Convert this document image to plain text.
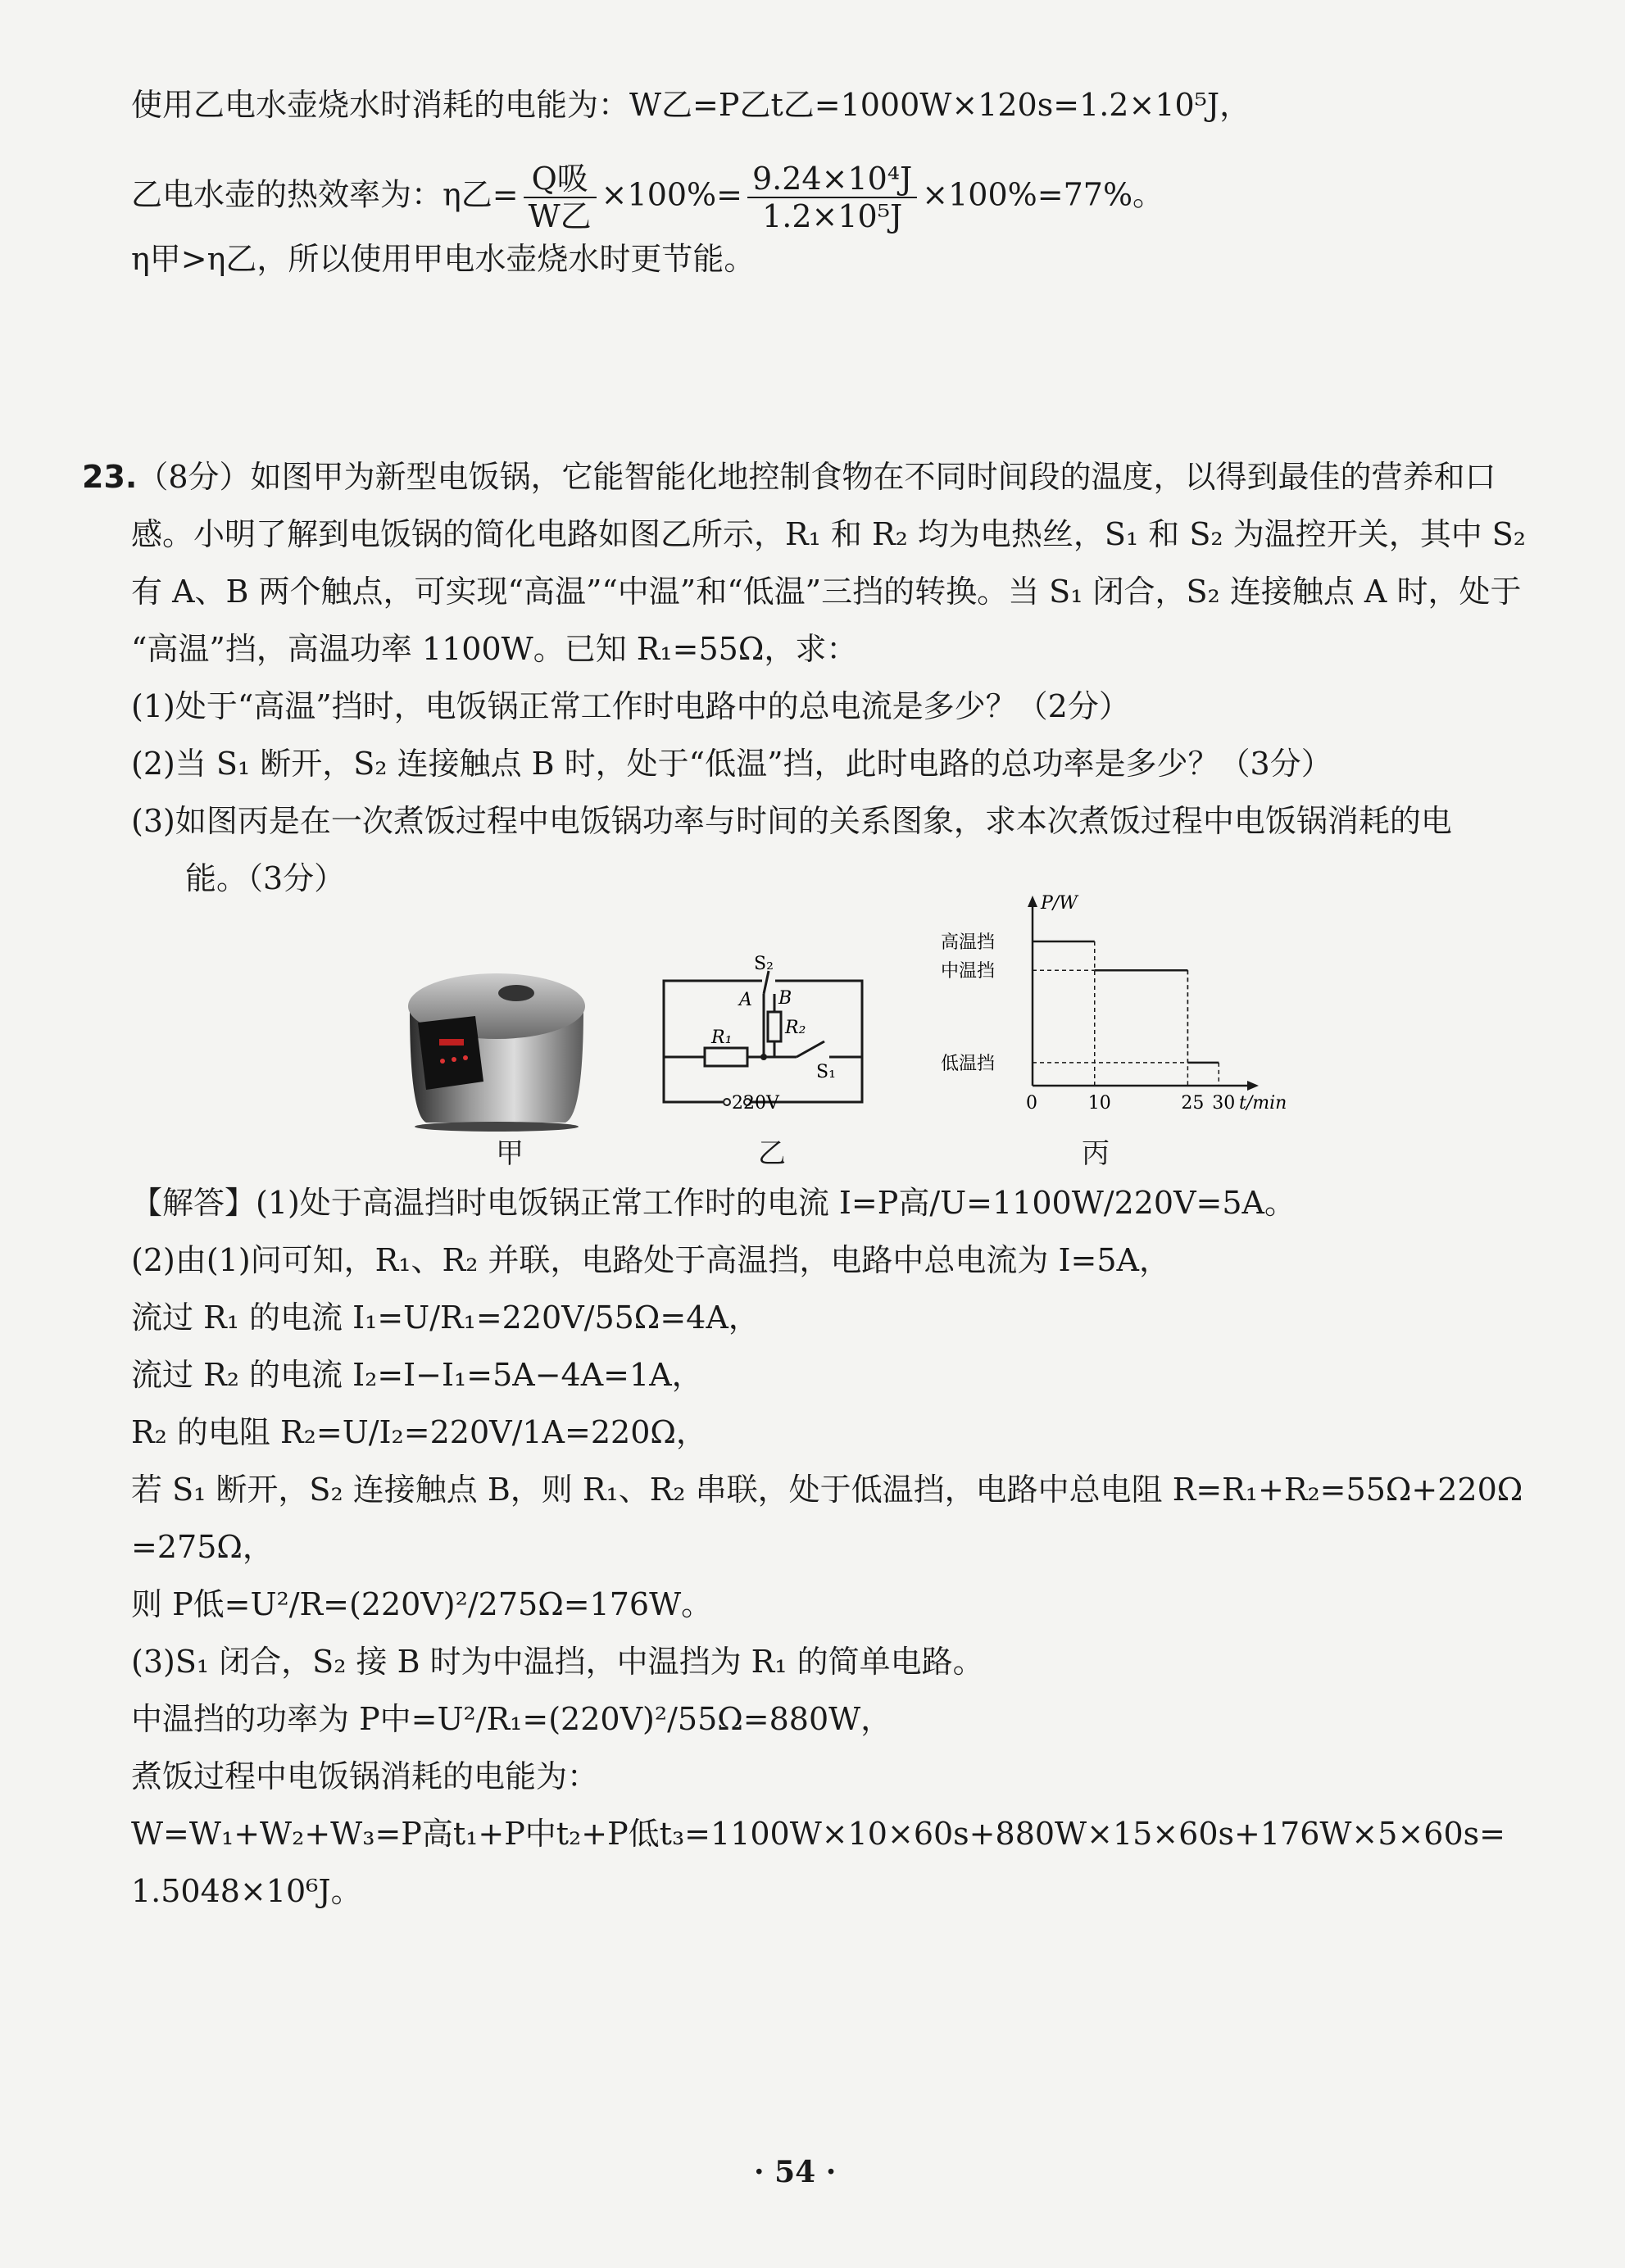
使用乙电水壶烧水时消耗的电能为：W乙=P乙t乙=1000W×120s=1.2×10⁵J，
乙电水壶的热效率为：η乙= $\frac{\text{Q吸}}{\text{W乙}} \times 100\%= \frac{\text{9.24×10⁴J}}{\text{1.2×10⁵J}} \times 100\%=77\%$。
η甲>η乙，所以使用甲电水壶烧水时更节能。
23.（8分）如图甲为新型电饭锅，它能智能化地控制食物在不同时间段的温度，以得到最佳的营养和口
感。小明了解到电饭锅的简化电路如图乙所示，R₁ 和 R₂ 均为电热丝，S₁ 和 S₂ 为温控开关，其中 S₂
有 A、B 两个触点，可实现“高温”“中温”和“低温”三挡的转换。当 S₁ 闭合，S₂ 连接触点 A 时，处于
“高温”挡，高温功率 1100W。已知 R₁=55Ω，求：
(1)处于“高温”挡时，电饭锅正常工作时电路中的总电流是多少？（2分）
(2)当 S₁ 断开，S₂ 连接触点 B 时，处于“低温”挡，此时电路的总功率是多少？（3分）
(3)如图丙是在一次煮饭过程中电饭锅功率与时间的关系图象，求本次煮饭过程中电饭锅消耗的电
能。（3分）
S₂
A B
R₁	R₂
S₁
220V
P/W
t/min
0	10	25 30
高温挡
中温挡
低温挡
甲	乙	丙
【解答】(1)处于高温挡时电饭锅正常工作时的电流 I=P高/U=1100W/220V=5A。
(2)由(1)问可知，R₁、R₂ 并联，电路处于高温挡，电路中总电流为 I=5A，
流过 R₁ 的电流 I₁=U/R₁=220V/55Ω=4A，
流过 R₂ 的电流 I₂=I−I₁=5A−4A=1A，
R₂ 的电阻 R₂=U/I₂=220V/1A=220Ω，
若 S₁ 断开，S₂ 连接触点 B，则 R₁、R₂ 串联，处于低温挡，电路中总电阻 R=R₁+R₂=55Ω+220Ω
=275Ω，
则 P低=U²/R=(220V)²/275Ω=176W。
(3)S₁ 闭合，S₂ 接 B 时为中温挡，中温挡为 R₁ 的简单电路。
中温挡的功率为 P中=U²/R₁=(220V)²/55Ω=880W，
煮饭过程中电饭锅消耗的电能为：
W=W₁+W₂+W₃=P高t₁+P中t₂+P低t₃=1100W×10×60s+880W×15×60s+176W×5×60s=
1.5048×10⁶J。
· 54 ·
